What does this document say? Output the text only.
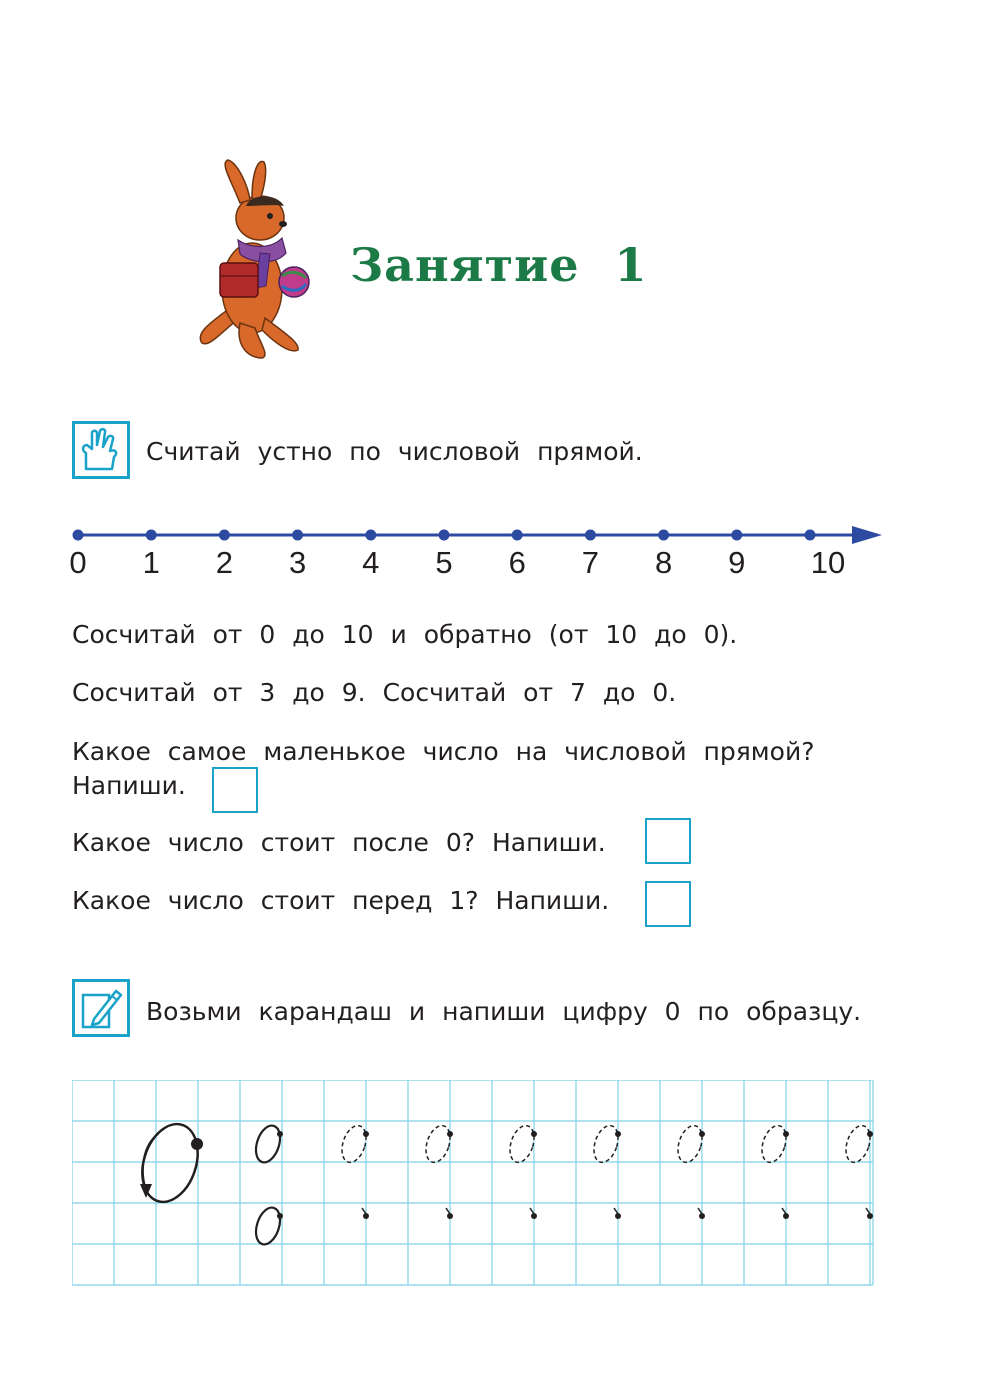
Занятие 1

Считай устно по числовой прямой.

0 1 2 3 4 5 6 7 8 9 10

Сосчитай от 0 до 10 и обратно (от 10 до 0).

Сосчитай от 3 до 9. Сосчитай от 7 до 0.

Какое самое маленькое число на числовой прямой?

Напиши.

Какое число стоит после 0? Напиши.

Какое число стоит перед 1? Напиши.

Возьми карандаш и напиши цифру 0 по образцу.
